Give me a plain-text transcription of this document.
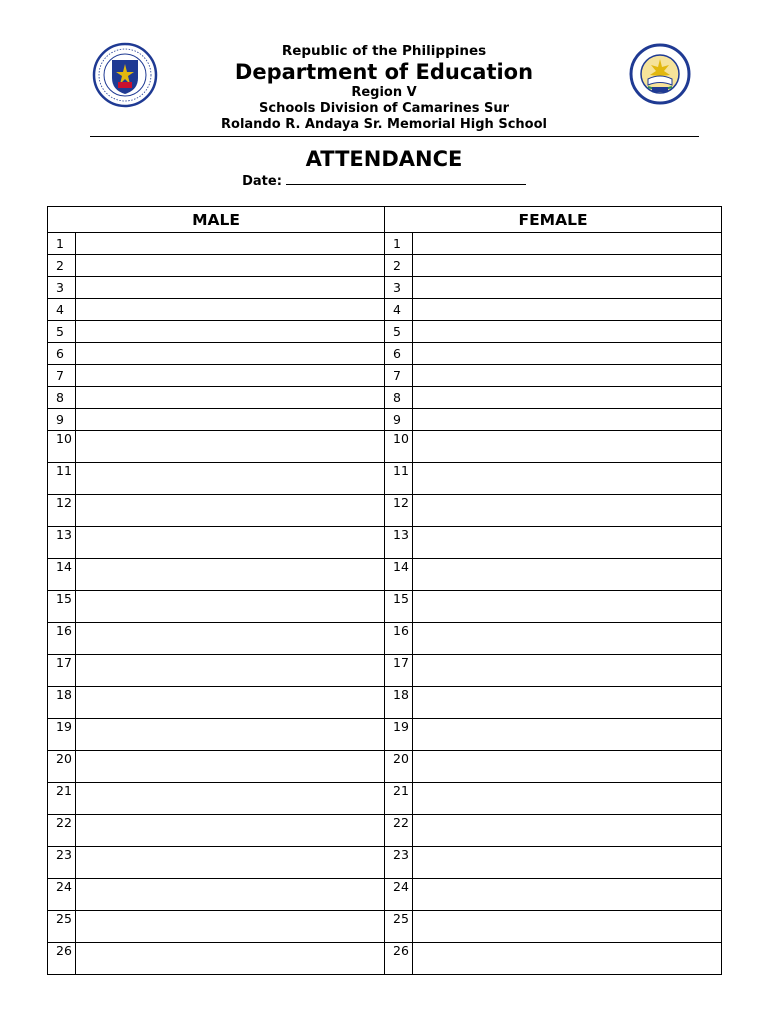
Republic of the Philippines
Department of Education
Region V
Schools Division of Camarines Sur
Rolando R. Andaya Sr. Memorial High School
ATTENDANCE
Date:
MALE		FEMALE	
1		1	
2		2	
3		3	
4		4	
5		5	
6		6	
7		7	
8		8	
9		9	
10		10	
11		11	
12		12	
13		13	
14		14	
15		15	
16		16	
17		17	
18		18	
19		19	
20		20	
21		21	
22		22	
23		23	
24		24	
25		25	
26		26	
